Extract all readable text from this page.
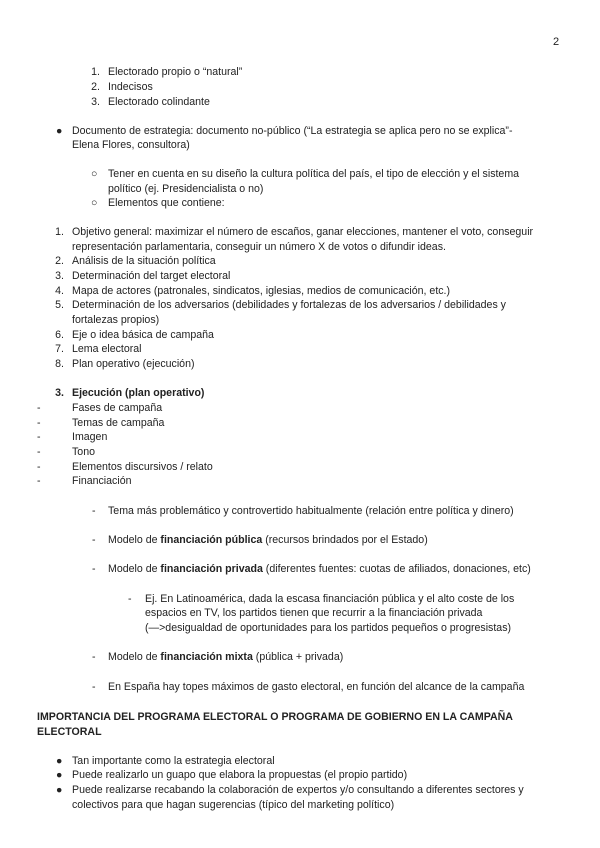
2
1. Electorado propio o “natural”
2. Indecisos
3. Electorado colindante
● Documento de estrategia: documento no-público (“La estrategia se aplica pero no se explica”-
Elena Flores, consultora)
○ Tener en cuenta en su diseño la cultura política del país, el tipo de elección y el sistema
político (ej. Presidencialista o no)
○ Elementos que contiene:
1. Objetivo general: maximizar el número de escaños, ganar elecciones, mantener el voto, conseguir
representación parlamentaria, conseguir un número X de votos o difundir ideas.
2. Análisis de la situación política
3. Determinación del target electoral
4. Mapa de actores (patronales, sindicatos, iglesias, medios de comunicación, etc.)
5. Determinación de los adversarios (debilidades y fortalezas de los adversarios / debilidades y
fortalezas propios)
6. Eje o idea básica de campaña
7. Lema electoral
8. Plan operativo (ejecución)
3. Ejecución (plan operativo)
-	Fases de campaña
-	Temas de campaña
-	Imagen
-	Tono
-	Elementos discursivos / relato
-	Financiación
- Tema más problemático y controvertido habitualmente (relación entre política y dinero)
- Modelo de financiación pública (recursos brindados por el Estado)
- Modelo de financiación privada (diferentes fuentes: cuotas de afiliados, donaciones, etc)
- Ej. En Latinoamérica, dada la escasa financiación pública y el alto coste de los
espacios en TV, los partidos tienen que recurrir a la financiación privada
(—>desigualdad de oportunidades para los partidos pequeños o progresistas)
- Modelo de financiación mixta (pública + privada)
- En España hay topes máximos de gasto electoral, en función del alcance de la campaña
IMPORTANCIA DEL PROGRAMA ELECTORAL O PROGRAMA DE GOBIERNO EN LA CAMPAÑA
ELECTORAL
● Tan importante como la estrategia electoral
● Puede realizarlo un guapo que elabora la propuestas (el propio partido)
● Puede realizarse recabando la colaboración de expertos y/o consultando a diferentes sectores y
colectivos para que hagan sugerencias (típico del marketing político)
